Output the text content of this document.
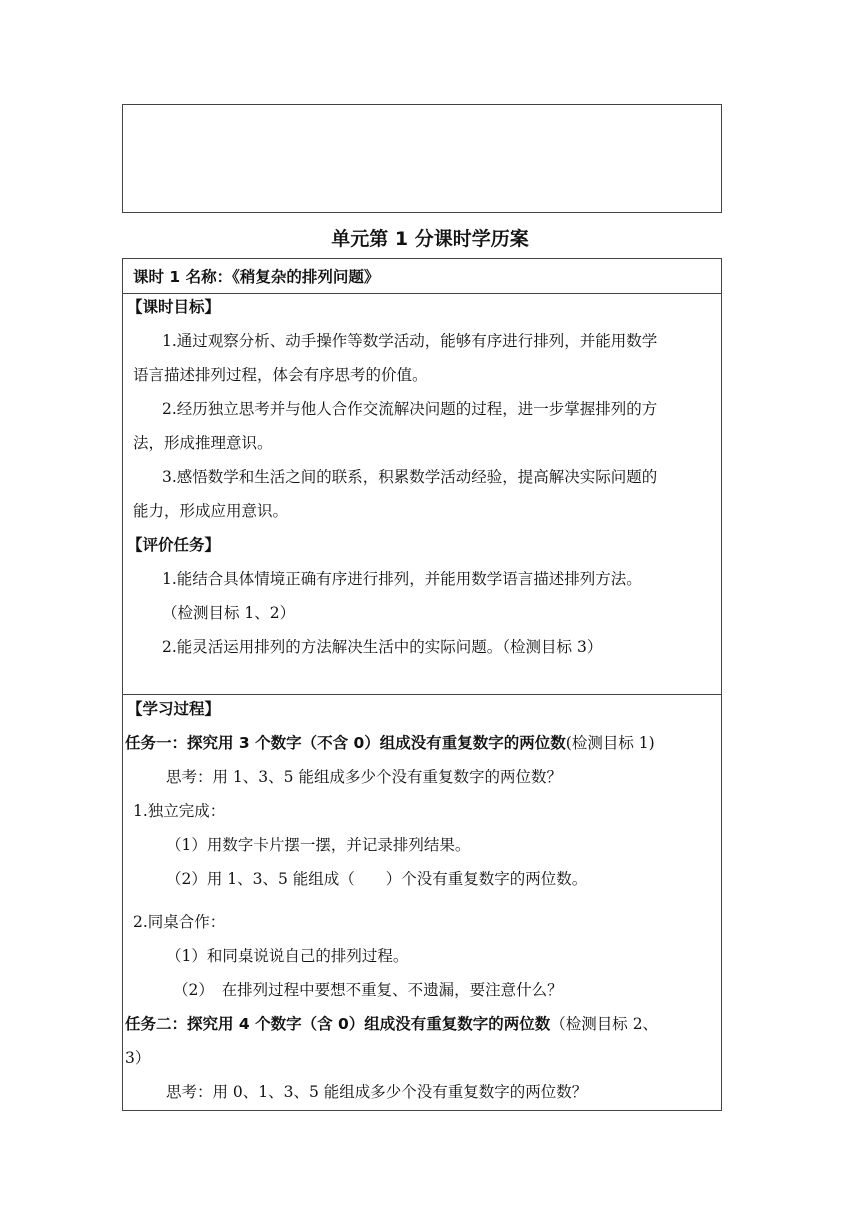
单元第 1 分课时学历案
课时 1 名称：《稍复杂的排列问题》
【课时目标】
1.通过观察分析、动手操作等数学活动，能够有序进行排列，并能用数学
语言描述排列过程，体会有序思考的价值。
2.经历独立思考并与他人合作交流解决问题的过程，进一步掌握排列的方
法，形成推理意识。
3.感悟数学和生活之间的联系，积累数学活动经验，提高解决实际问题的
能力，形成应用意识。
【评价任务】
1.能结合具体情境正确有序进行排列，并能用数学语言描述排列方法。
（检测目标 1、2）
2.能灵活运用排列的方法解决生活中的实际问题。（检测目标 3）
【学习过程】
任务一：探究用 3 个数字（不含 0）组成没有重复数字的两位数(检测目标 1)
思考：用 1、3、5 能组成多少个没有重复数字的两位数？
1.独立完成：
（1）用数字卡片摆一摆，并记录排列结果。
（2）用 1、3、5 能组成（　　）个没有重复数字的两位数。
2.同桌合作：
（1）和同桌说说自己的排列过程。
（2）　在排列过程中要想不重复、不遗漏，要注意什么？
任务二：探究用 4 个数字（含 0）组成没有重复数字的两位数（检测目标 2、
3）
思考：用 0、1、3、5 能组成多少个没有重复数字的两位数？
